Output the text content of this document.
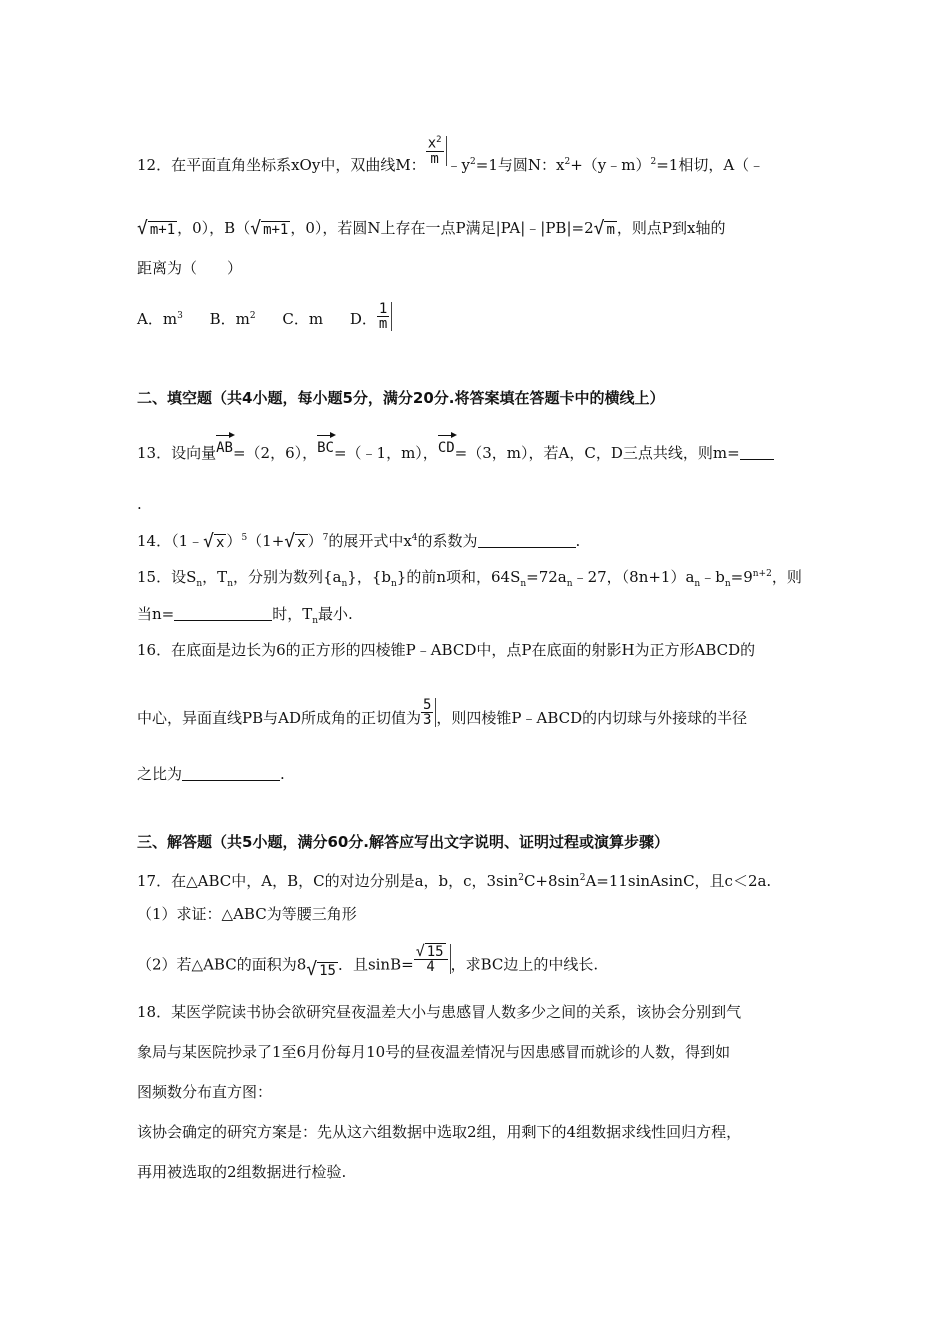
12．在平面直角坐标系xOy中，双曲线M： $\frac{x^2}{m}$ $﹣y^2=1$与圆N：$x^2+(y﹣m)^2=1$相切，A（﹣
√ m+1 ，0），B（√ m+1 ，0），若圆N上存在一点P满足|PA|﹣|PB|=2√ m ，则点P到x轴的
距离为（　　）
A．$m^3$ B．$m^2$ C．m D． $\frac{1}{m}$
二、填空题（共4小题，每小题5分，满分20分.将答案填在答题卡中的横线上）
13．设向量AB=（2，6），BC=（﹣1，m），CD=（3，m），若A，C，D三点共线，则m=
.
14．（1﹣√ x ）$^5$（1+√ x ）$^7$的展开式中$x^4$的系数为	.
15．设$S_n$，$T_n$，分别为数列$\{a_n\}$，$\{b_n\}$的前n项和，$64S_n=72a_n﹣27$，$(8n+1)a_n﹣b_n=9^{n+2}$，则
当n=	时，$T_n$最小.
16．在底面是边长为6的正方形的四棱锥P﹣ABCD中，点P在底面的射影H为正方形ABCD的
中心，异面直线PB与AD所成角的正切值为 $\frac{5}{3}$ ，则四棱锥P﹣ABCD的内切球与外接球的半径
之比为	.
三、解答题（共5小题，满分60分.解答应写出文字说明、证明过程或演算步骤）
17．在△ABC中，A，B，C的对边分别是a，b，c，$3\sin^2C+8\sin^2A=11sinAsinC$，且c＜2a.
（1）求证：△ABC为等腰三角形
（2）若△ABC的面积为8√ 15 ．且$\sin B= \frac{√ 15}{4}$ ，求BC边上的中线长.
18．某医学院读书协会欲研究昼夜温差大小与患感冒人数多少之间的关系，该协会分别到气
象局与某医院抄录了1至6月份每月10号的昼夜温差情况与因患感冒而就诊的人数，得到如
图频数分布直方图：
该协会确定的研究方案是：先从这六组数据中选取2组，用剩下的4组数据求线性回归方程，
再用被选取的2组数据进行检验.
